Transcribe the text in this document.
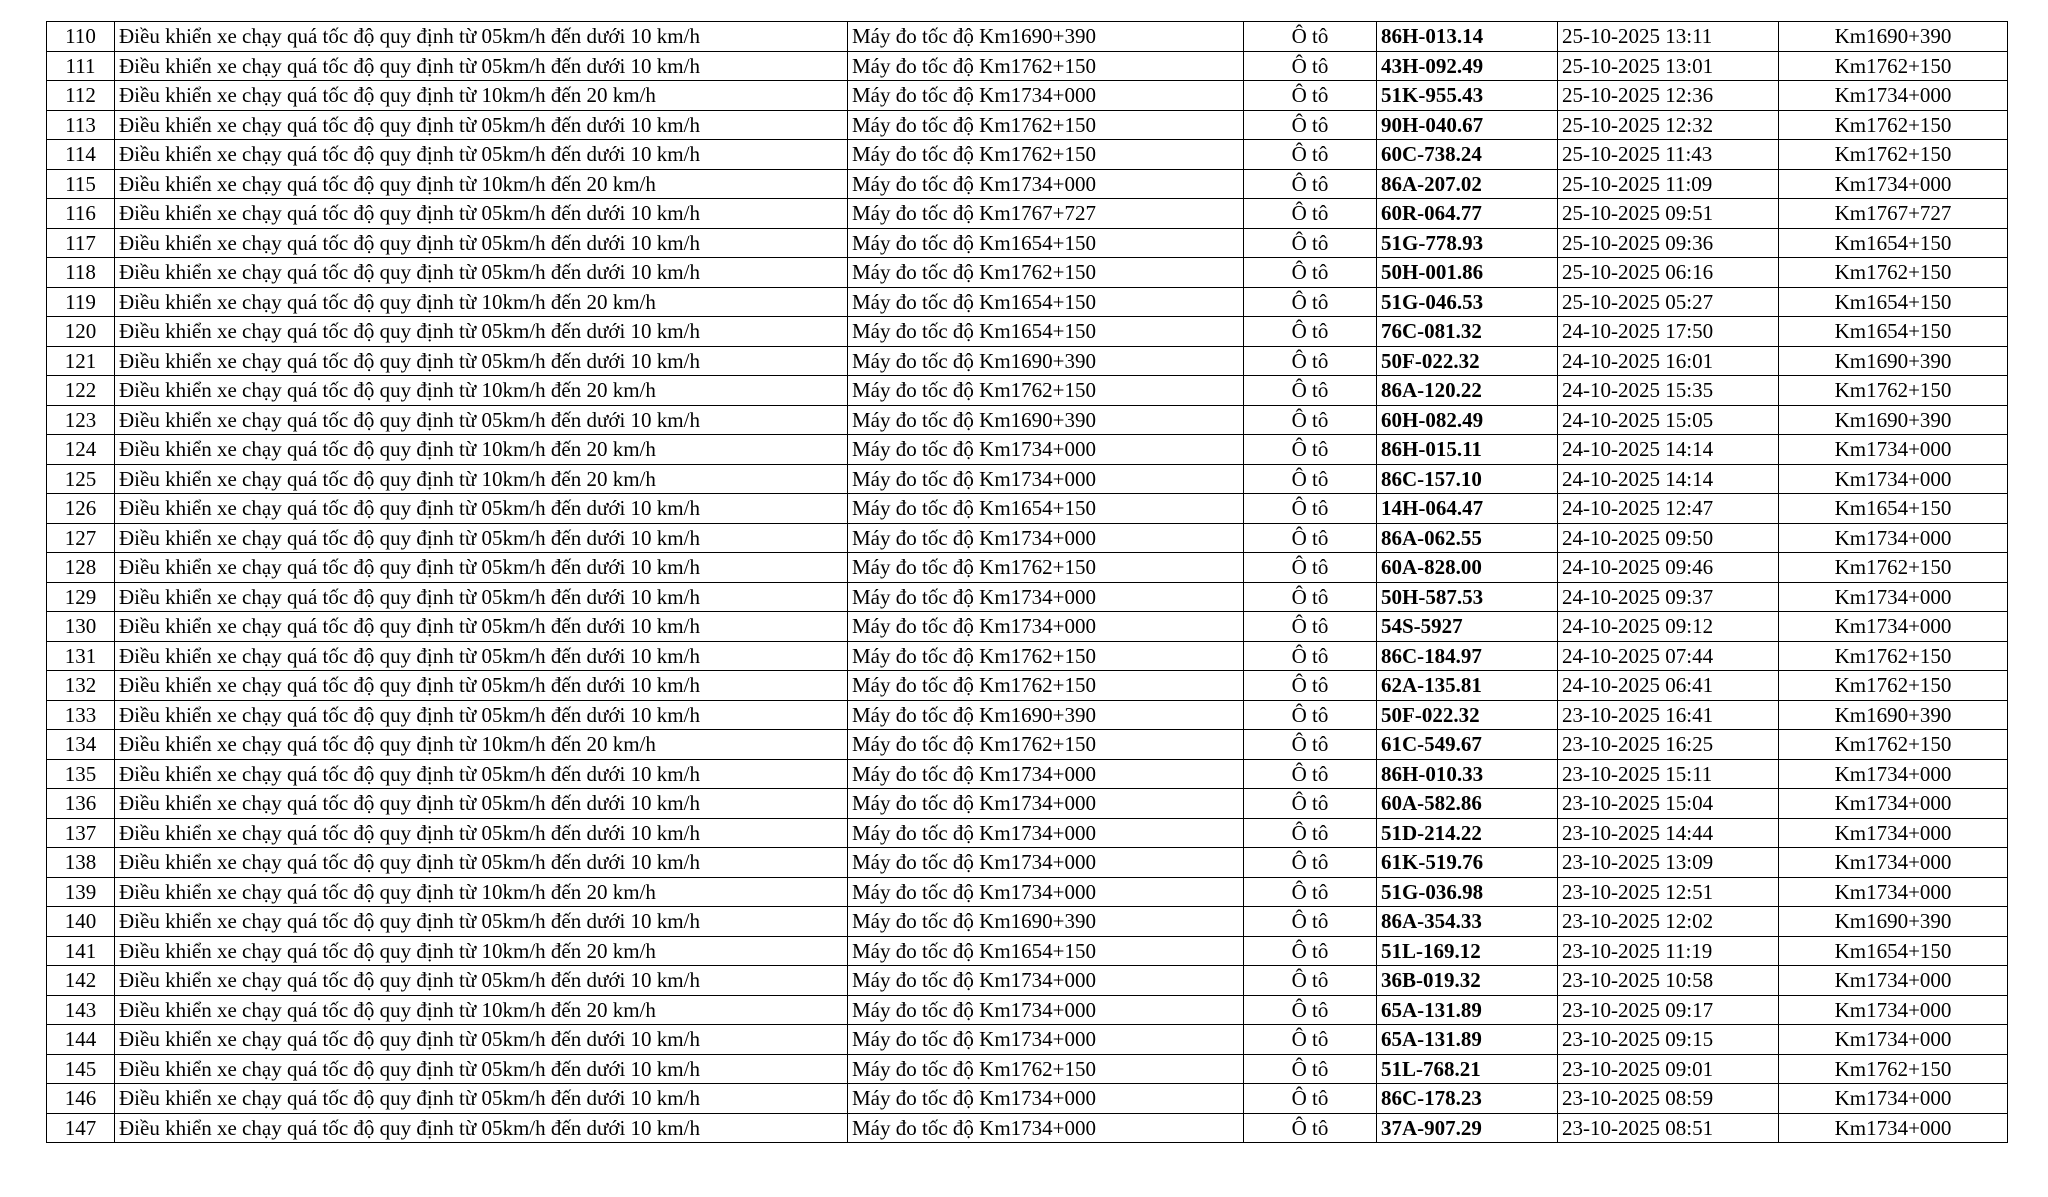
110	Điều khiển xe chạy quá tốc độ quy định từ 05km/h đến dưới 10 km/h	Máy đo tốc độ Km1690+390	Ô tô	86H-013.14	25-10-2025 13:11	Km1690+390
111	Điều khiển xe chạy quá tốc độ quy định từ 05km/h đến dưới 10 km/h	Máy đo tốc độ Km1762+150	Ô tô	43H-092.49	25-10-2025 13:01	Km1762+150
112	Điều khiển xe chạy quá tốc độ quy định từ 10km/h đến 20 km/h	Máy đo tốc độ Km1734+000	Ô tô	51K-955.43	25-10-2025 12:36	Km1734+000
113	Điều khiển xe chạy quá tốc độ quy định từ 05km/h đến dưới 10 km/h	Máy đo tốc độ Km1762+150	Ô tô	90H-040.67	25-10-2025 12:32	Km1762+150
114	Điều khiển xe chạy quá tốc độ quy định từ 05km/h đến dưới 10 km/h	Máy đo tốc độ Km1762+150	Ô tô	60C-738.24	25-10-2025 11:43	Km1762+150
115	Điều khiển xe chạy quá tốc độ quy định từ 10km/h đến 20 km/h	Máy đo tốc độ Km1734+000	Ô tô	86A-207.02	25-10-2025 11:09	Km1734+000
116	Điều khiển xe chạy quá tốc độ quy định từ 05km/h đến dưới 10 km/h	Máy đo tốc độ Km1767+727	Ô tô	60R-064.77	25-10-2025 09:51	Km1767+727
117	Điều khiển xe chạy quá tốc độ quy định từ 05km/h đến dưới 10 km/h	Máy đo tốc độ Km1654+150	Ô tô	51G-778.93	25-10-2025 09:36	Km1654+150
118	Điều khiển xe chạy quá tốc độ quy định từ 05km/h đến dưới 10 km/h	Máy đo tốc độ Km1762+150	Ô tô	50H-001.86	25-10-2025 06:16	Km1762+150
119	Điều khiển xe chạy quá tốc độ quy định từ 10km/h đến 20 km/h	Máy đo tốc độ Km1654+150	Ô tô	51G-046.53	25-10-2025 05:27	Km1654+150
120	Điều khiển xe chạy quá tốc độ quy định từ 05km/h đến dưới 10 km/h	Máy đo tốc độ Km1654+150	Ô tô	76C-081.32	24-10-2025 17:50	Km1654+150
121	Điều khiển xe chạy quá tốc độ quy định từ 05km/h đến dưới 10 km/h	Máy đo tốc độ Km1690+390	Ô tô	50F-022.32	24-10-2025 16:01	Km1690+390
122	Điều khiển xe chạy quá tốc độ quy định từ 10km/h đến 20 km/h	Máy đo tốc độ Km1762+150	Ô tô	86A-120.22	24-10-2025 15:35	Km1762+150
123	Điều khiển xe chạy quá tốc độ quy định từ 05km/h đến dưới 10 km/h	Máy đo tốc độ Km1690+390	Ô tô	60H-082.49	24-10-2025 15:05	Km1690+390
124	Điều khiển xe chạy quá tốc độ quy định từ 10km/h đến 20 km/h	Máy đo tốc độ Km1734+000	Ô tô	86H-015.11	24-10-2025 14:14	Km1734+000
125	Điều khiển xe chạy quá tốc độ quy định từ 10km/h đến 20 km/h	Máy đo tốc độ Km1734+000	Ô tô	86C-157.10	24-10-2025 14:14	Km1734+000
126	Điều khiển xe chạy quá tốc độ quy định từ 05km/h đến dưới 10 km/h	Máy đo tốc độ Km1654+150	Ô tô	14H-064.47	24-10-2025 12:47	Km1654+150
127	Điều khiển xe chạy quá tốc độ quy định từ 05km/h đến dưới 10 km/h	Máy đo tốc độ Km1734+000	Ô tô	86A-062.55	24-10-2025 09:50	Km1734+000
128	Điều khiển xe chạy quá tốc độ quy định từ 05km/h đến dưới 10 km/h	Máy đo tốc độ Km1762+150	Ô tô	60A-828.00	24-10-2025 09:46	Km1762+150
129	Điều khiển xe chạy quá tốc độ quy định từ 05km/h đến dưới 10 km/h	Máy đo tốc độ Km1734+000	Ô tô	50H-587.53	24-10-2025 09:37	Km1734+000
130	Điều khiển xe chạy quá tốc độ quy định từ 05km/h đến dưới 10 km/h	Máy đo tốc độ Km1734+000	Ô tô	54S-5927	24-10-2025 09:12	Km1734+000
131	Điều khiển xe chạy quá tốc độ quy định từ 05km/h đến dưới 10 km/h	Máy đo tốc độ Km1762+150	Ô tô	86C-184.97	24-10-2025 07:44	Km1762+150
132	Điều khiển xe chạy quá tốc độ quy định từ 05km/h đến dưới 10 km/h	Máy đo tốc độ Km1762+150	Ô tô	62A-135.81	24-10-2025 06:41	Km1762+150
133	Điều khiển xe chạy quá tốc độ quy định từ 05km/h đến dưới 10 km/h	Máy đo tốc độ Km1690+390	Ô tô	50F-022.32	23-10-2025 16:41	Km1690+390
134	Điều khiển xe chạy quá tốc độ quy định từ 10km/h đến 20 km/h	Máy đo tốc độ Km1762+150	Ô tô	61C-549.67	23-10-2025 16:25	Km1762+150
135	Điều khiển xe chạy quá tốc độ quy định từ 05km/h đến dưới 10 km/h	Máy đo tốc độ Km1734+000	Ô tô	86H-010.33	23-10-2025 15:11	Km1734+000
136	Điều khiển xe chạy quá tốc độ quy định từ 05km/h đến dưới 10 km/h	Máy đo tốc độ Km1734+000	Ô tô	60A-582.86	23-10-2025 15:04	Km1734+000
137	Điều khiển xe chạy quá tốc độ quy định từ 05km/h đến dưới 10 km/h	Máy đo tốc độ Km1734+000	Ô tô	51D-214.22	23-10-2025 14:44	Km1734+000
138	Điều khiển xe chạy quá tốc độ quy định từ 05km/h đến dưới 10 km/h	Máy đo tốc độ Km1734+000	Ô tô	61K-519.76	23-10-2025 13:09	Km1734+000
139	Điều khiển xe chạy quá tốc độ quy định từ 10km/h đến 20 km/h	Máy đo tốc độ Km1734+000	Ô tô	51G-036.98	23-10-2025 12:51	Km1734+000
140	Điều khiển xe chạy quá tốc độ quy định từ 05km/h đến dưới 10 km/h	Máy đo tốc độ Km1690+390	Ô tô	86A-354.33	23-10-2025 12:02	Km1690+390
141	Điều khiển xe chạy quá tốc độ quy định từ 10km/h đến 20 km/h	Máy đo tốc độ Km1654+150	Ô tô	51L-169.12	23-10-2025 11:19	Km1654+150
142	Điều khiển xe chạy quá tốc độ quy định từ 05km/h đến dưới 10 km/h	Máy đo tốc độ Km1734+000	Ô tô	36B-019.32	23-10-2025 10:58	Km1734+000
143	Điều khiển xe chạy quá tốc độ quy định từ 10km/h đến 20 km/h	Máy đo tốc độ Km1734+000	Ô tô	65A-131.89	23-10-2025 09:17	Km1734+000
144	Điều khiển xe chạy quá tốc độ quy định từ 05km/h đến dưới 10 km/h	Máy đo tốc độ Km1734+000	Ô tô	65A-131.89	23-10-2025 09:15	Km1734+000
145	Điều khiển xe chạy quá tốc độ quy định từ 05km/h đến dưới 10 km/h	Máy đo tốc độ Km1762+150	Ô tô	51L-768.21	23-10-2025 09:01	Km1762+150
146	Điều khiển xe chạy quá tốc độ quy định từ 05km/h đến dưới 10 km/h	Máy đo tốc độ Km1734+000	Ô tô	86C-178.23	23-10-2025 08:59	Km1734+000
147	Điều khiển xe chạy quá tốc độ quy định từ 05km/h đến dưới 10 km/h	Máy đo tốc độ Km1734+000	Ô tô	37A-907.29	23-10-2025 08:51	Km1734+000
